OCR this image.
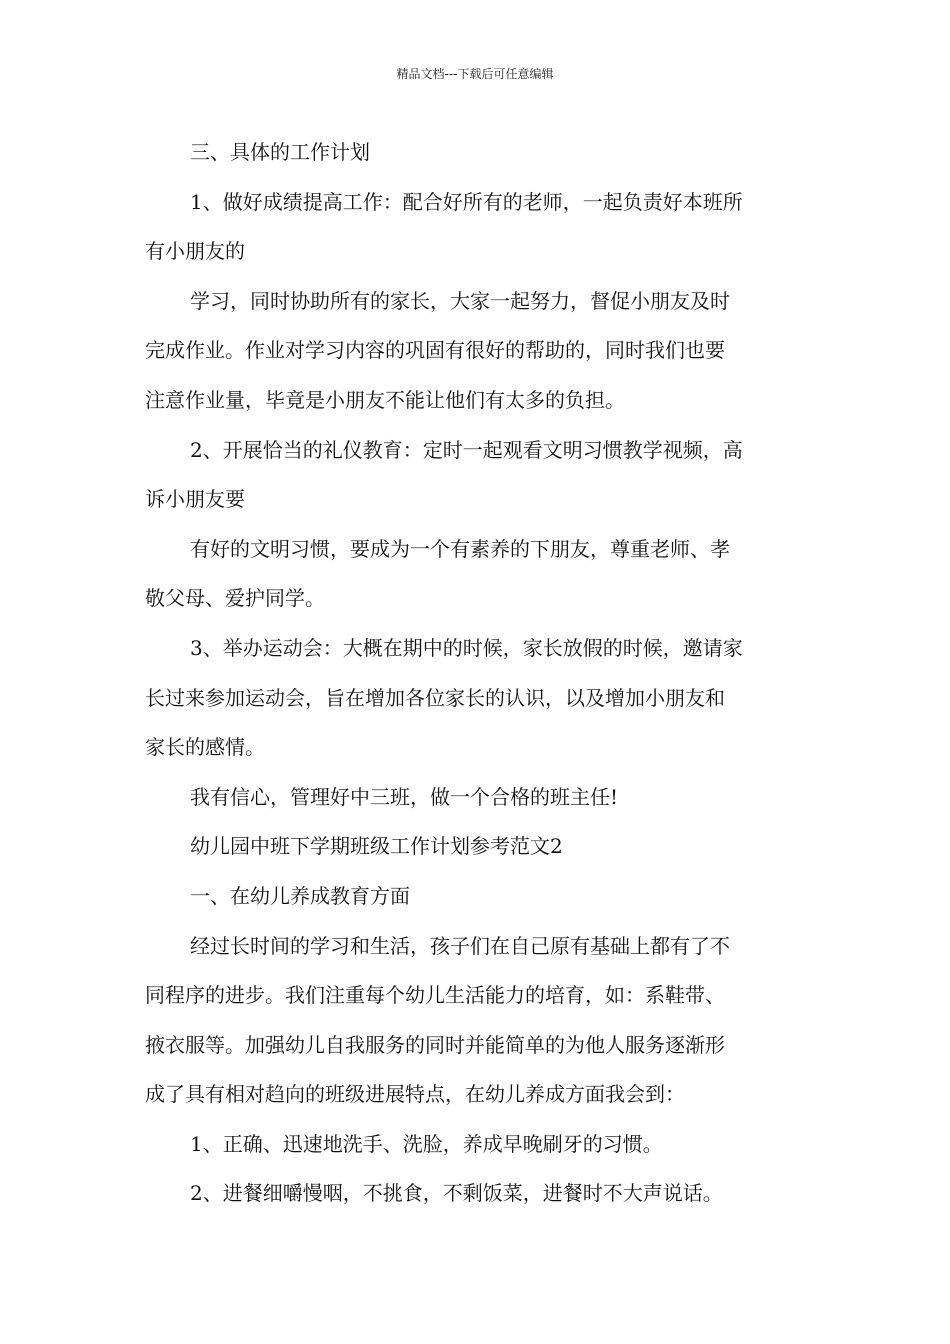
精品文档---下载后可任意编辑

三、具体的工作计划

1、做好成绩提高工作：配合好所有的老师，一起负责好本班所

有小朋友的

学习，同时协助所有的家长，大家一起努力，督促小朋友及时

完成作业。作业对学习内容的巩固有很好的帮助的，同时我们也要

注意作业量，毕竟是小朋友不能让他们有太多的负担。

2、开展恰当的礼仪教育：定时一起观看文明习惯教学视频，高

诉小朋友要

有好的文明习惯，要成为一个有素养的下朋友，尊重老师、孝

敬父母、爱护同学。

3、举办运动会：大概在期中的时候，家长放假的时候，邀请家

长过来参加运动会，旨在增加各位家长的认识，以及增加小朋友和

家长的感情。

我有信心，管理好中三班，做一个合格的班主任!

幼儿园中班下学期班级工作计划参考范文2

一、在幼儿养成教育方面

经过长时间的学习和生活，孩子们在自己原有基础上都有了不

同程序的进步。我们注重每个幼儿生活能力的培育，如：系鞋带、

掖衣服等。加强幼儿自我服务的同时并能简单的为他人服务逐渐形

成了具有相对趋向的班级进展特点，在幼儿养成方面我会到：

1、正确、迅速地洗手、洗脸，养成早晚刷牙的习惯。

2、进餐细嚼慢咽，不挑食，不剩饭菜，进餐时不大声说话。
